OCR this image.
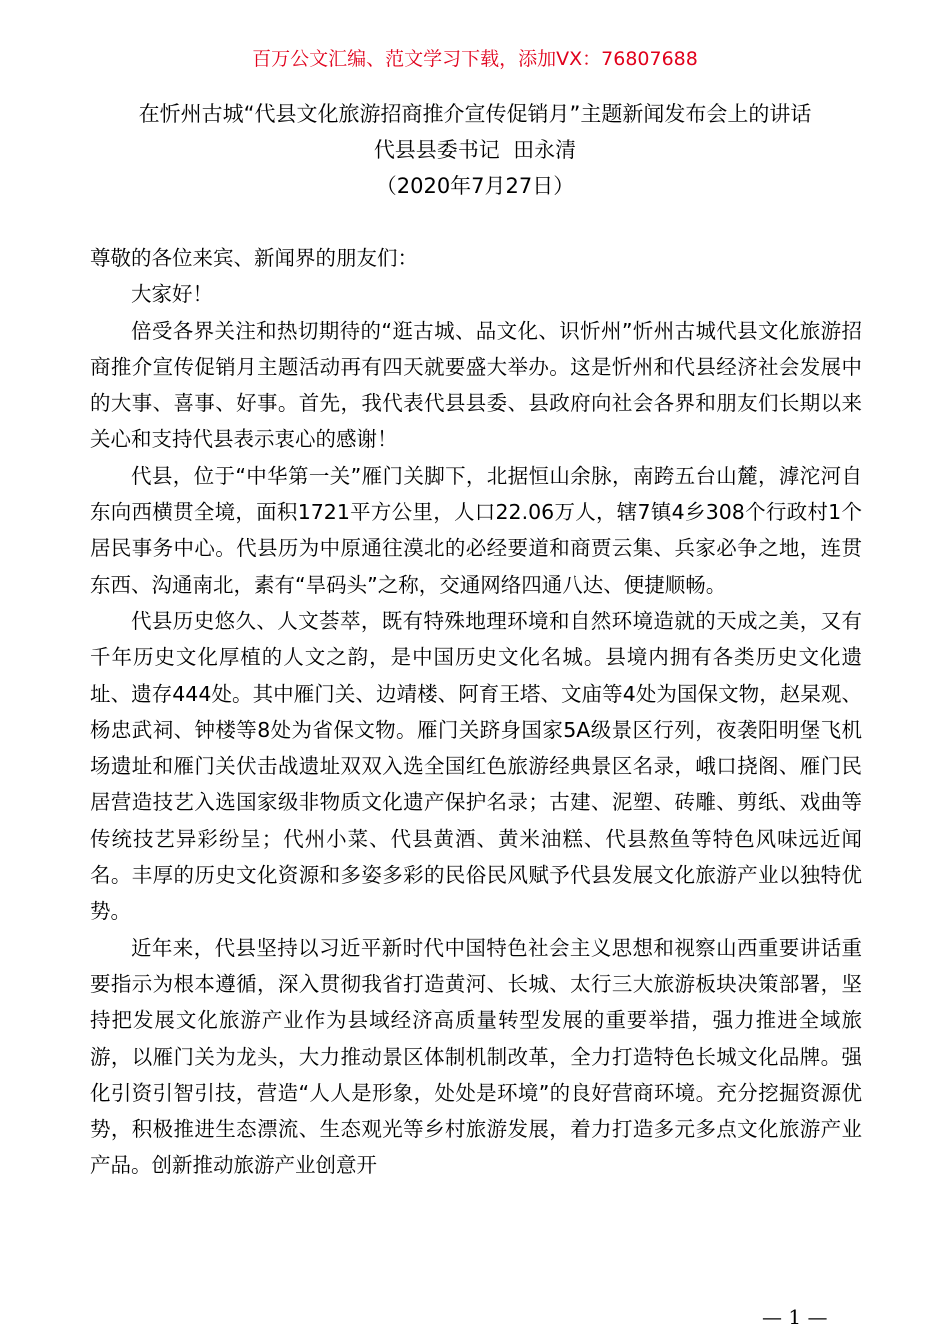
百万公文汇编、范文学习下载，添加VX：76807688
在忻州古城“代县文化旅游招商推介宣传促销月”主题新闻发布会上的讲话
代县县委书记  田永清
（2020年7月27日）

尊敬的各位来宾、新闻界的朋友们：

大家好！

倍受各界关注和热切期待的“逛古城、品文化、识忻州”忻州古城代县文化旅游招商推介宣传促销月主题活动再有四天就要盛大举办。这是忻州和代县经济社会发展中的大事、喜事、好事。首先，我代表代县县委、县政府向社会各界和朋友们长期以来关心和支持代县表示衷心的感谢！

代县，位于“中华第一关”雁门关脚下，北据恒山余脉，南跨五台山麓，滹沱河自东向西横贯全境，面积1721平方公里，人口22.06万人，辖7镇4乡308个行政村1个居民事务中心。代县历为中原通往漠北的必经要道和商贾云集、兵家必争之地，连贯东西、沟通南北，素有“旱码头”之称，交通网络四通八达、便捷顺畅。

代县历史悠久、人文荟萃，既有特殊地理环境和自然环境造就的天成之美，又有千年历史文化厚植的人文之韵，是中国历史文化名城。县境内拥有各类历史文化遗址、遗存444处。其中雁门关、边靖楼、阿育王塔、文庙等4处为国保文物，赵杲观、杨忠武祠、钟楼等8处为省保文物。雁门关跻身国家5A级景区行列，夜袭阳明堡飞机场遗址和雁门关伏击战遗址双双入选全国红色旅游经典景区名录，峨口挠阁、雁门民居营造技艺入选国家级非物质文化遗产保护名录；古建、泥塑、砖雕、剪纸、戏曲等传统技艺异彩纷呈；代州小菜、代县黄酒、黄米油糕、代县熬鱼等特色风味远近闻名。丰厚的历史文化资源和多姿多彩的民俗民风赋予代县发展文化旅游产业以独特优势。

近年来，代县坚持以习近平新时代中国特色社会主义思想和视察山西重要讲话重要指示为根本遵循，深入贯彻我省打造黄河、长城、太行三大旅游板块决策部署，坚持把发展文化旅游产业作为县域经济高质量转型发展的重要举措，强力推进全域旅游，以雁门关为龙头，大力推动景区体制机制改革，全力打造特色长城文化品牌。强化引资引智引技，营造“人人是形象，处处是环境”的良好营商环境。充分挖掘资源优势，积极推进生态漂流、生态观光等乡村旅游发展，着力打造多元多点文化旅游产业产品。创新推动旅游产业创意开

— 1 —
